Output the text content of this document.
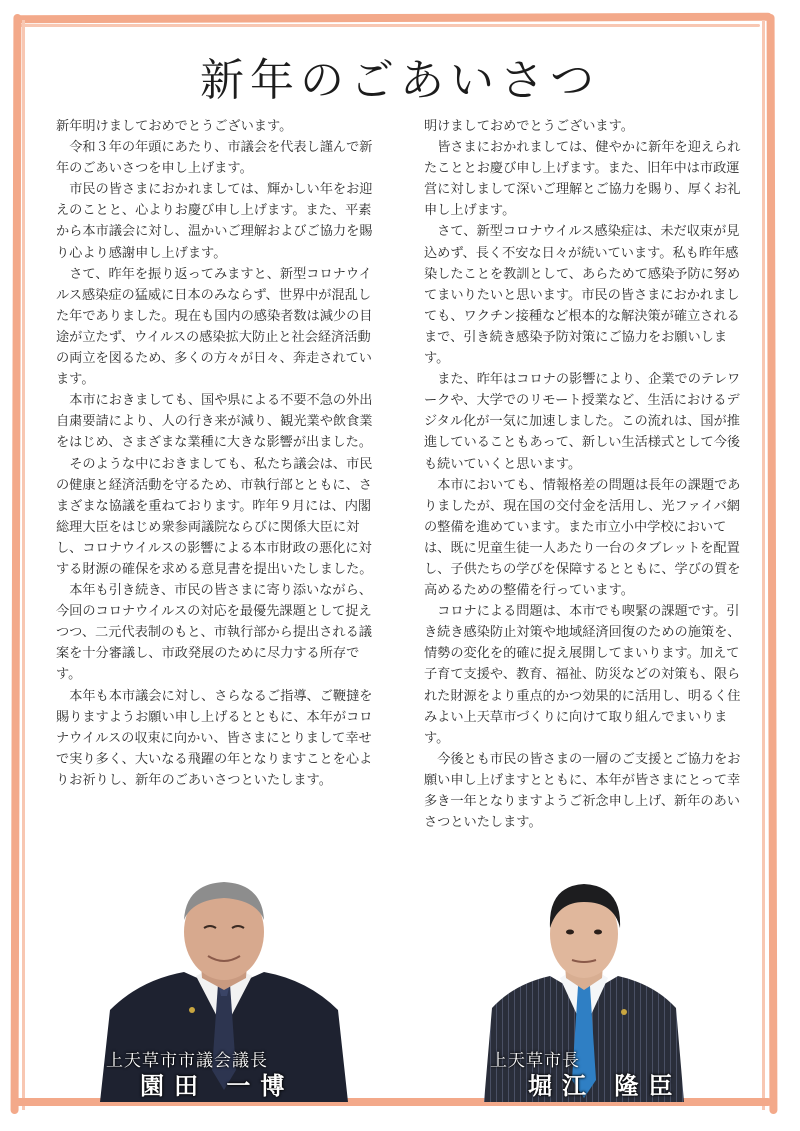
新年のごあいさつ

新年明けましておめでとうございます。

令和３年の年頭にあたり、市議会を代表し謹んで新年のごあいさつを申し上げます。

市民の皆さまにおかれましては、輝かしい年をお迎えのことと、心よりお慶び申し上げます。また、平素から本市議会に対し、温かいご理解およびご協力を賜り心より感謝申し上げます。

さて、昨年を振り返ってみますと、新型コロナウイルス感染症の猛威に日本のみならず、世界中が混乱した年でありました。現在も国内の感染者数は減少の目途が立たず、ウイルスの感染拡大防止と社会経済活動の両立を図るため、多くの方々が日々、奔走されています。

本市におきましても、国や県による不要不急の外出自粛要請により、人の行き来が減り、観光業や飲食業をはじめ、さまざまな業種に大きな影響が出ました。

そのような中におきましても、私たち議会は、市民の健康と経済活動を守るため、市執行部とともに、さまざまな協議を重ねております。昨年９月には、内閣総理大臣をはじめ衆参両議院ならびに関係大臣に対し、コロナウイルスの影響による本市財政の悪化に対する財源の確保を求める意見書を提出いたしました。

本年も引き続き、市民の皆さまに寄り添いながら、今回のコロナウイルスの対応を最優先課題として捉えつつ、二元代表制のもと、市執行部から提出される議案を十分審議し、市政発展のために尽力する所存です。

本年も本市議会に対し、さらなるご指導、ご鞭撻を賜りますようお願い申し上げるとともに、本年がコロナウイルスの収束に向かい、皆さまにとりまして幸せで実り多く、大いなる飛躍の年となりますことを心よりお祈りし、新年のごあいさつといたします。

明けましておめでとうございます。

皆さまにおかれましては、健やかに新年を迎えられたこととお慶び申し上げます。また、旧年中は市政運営に対しまして深いご理解とご協力を賜り、厚くお礼申し上げます。

さて、新型コロナウイルス感染症は、未だ収束が見込めず、長く不安な日々が続いています。私も昨年感染したことを教訓として、あらためて感染予防に努めてまいりたいと思います。市民の皆さまにおかれましても、ワクチン接種など根本的な解決策が確立されるまで、引き続き感染予防対策にご協力をお願いします。

また、昨年はコロナの影響により、企業でのテレワークや、大学でのリモート授業など、生活におけるデジタル化が一気に加速しました。この流れは、国が推進していることもあって、新しい生活様式として今後も続いていくと思います。

本市においても、情報格差の問題は長年の課題でありましたが、現在国の交付金を活用し、光ファイバ網の整備を進めています。また市立小中学校においては、既に児童生徒一人あたり一台のタブレットを配置し、子供たちの学びを保障するとともに、学びの質を高めるための整備を行っています。

コロナによる問題は、本市でも喫緊の課題です。引き続き感染防止対策や地域経済回復のための施策を、情勢の変化を的確に捉え展開してまいります。加えて子育て支援や、教育、福祉、防災などの対策も、限られた財源をより重点的かつ効果的に活用し、明るく住みよい上天草市づくりに向けて取り組んでまいります。

今後とも市民の皆さまの一層のご支援とご協力をお願い申し上げますとともに、本年が皆さまにとって幸多き一年となりますようご祈念申し上げ、新年のあいさつといたします。

上天草市市議会議長
園田 一博
上天草市長
堀江 隆臣
